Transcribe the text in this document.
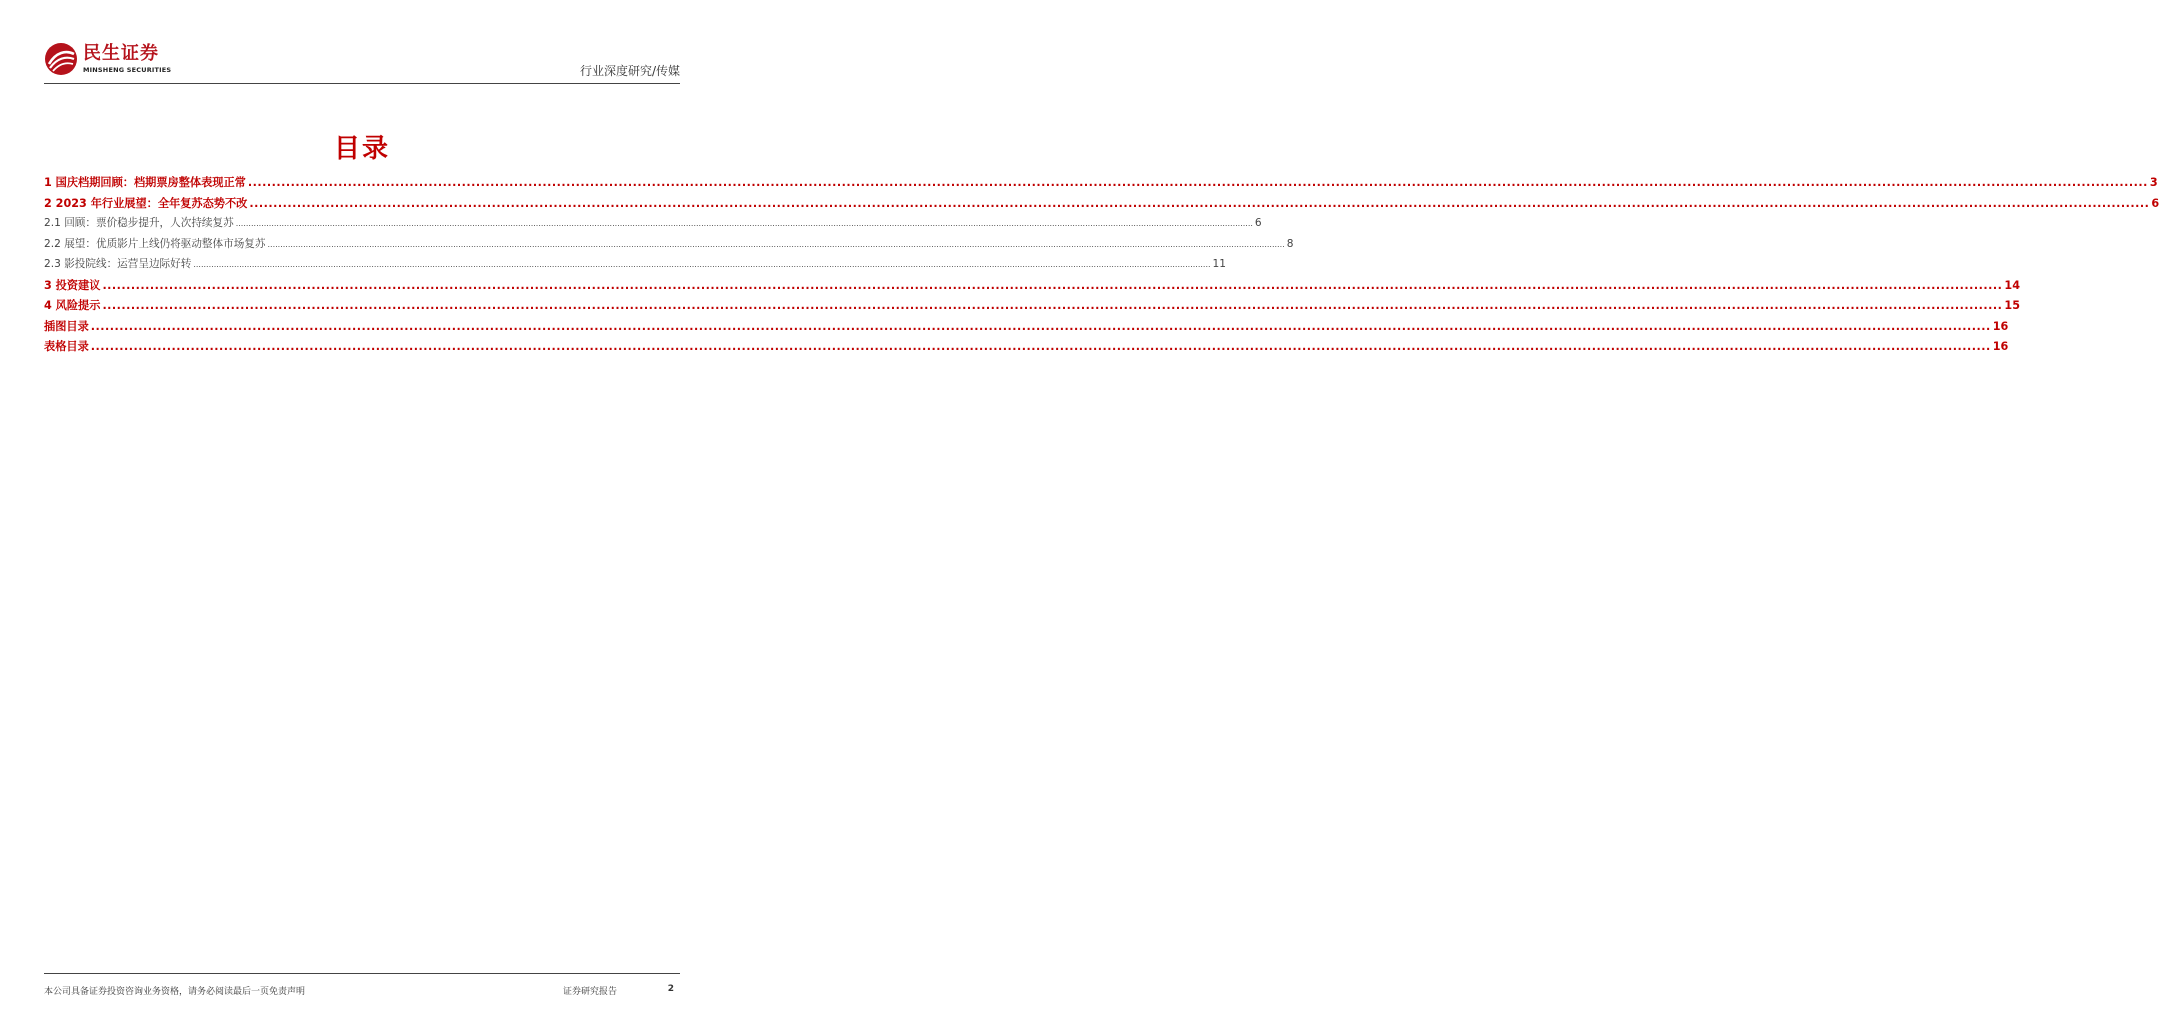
民生证券
MINSHENG SECURITIES	行业深度研究/传媒
目录
1 国庆档期回顾：档期票房整体表现正常 ................................................................................................................................................................................................................................................................................................................................................................................................................ 3
2 2023 年行业展望：全年复苏态势不改 ................................................................................................................................................................................................................................................................................................................................................................................................................ 6
2.1 回顾：票价稳步提升，人次持续复苏 ................................................................................................................................................................................................................................................................................................................................................................................................................ 6
2.2 展望：优质影片上线仍将驱动整体市场复苏 ................................................................................................................................................................................................................................................................................................................................................................................................................ 8
2.3 影投院线：运营呈边际好转 ................................................................................................................................................................................................................................................................................................................................................................................................................ 11
3 投资建议 ................................................................................................................................................................................................................................................................................................................................................................................................................ 14
4 风险提示 ................................................................................................................................................................................................................................................................................................................................................................................................................ 15
插图目录 ................................................................................................................................................................................................................................................................................................................................................................................................................ 16
表格目录 ................................................................................................................................................................................................................................................................................................................................................................................................................ 16
本公司具备证券投资咨询业务资格，请务必阅读最后一页免责声明	证券研究报告	2
